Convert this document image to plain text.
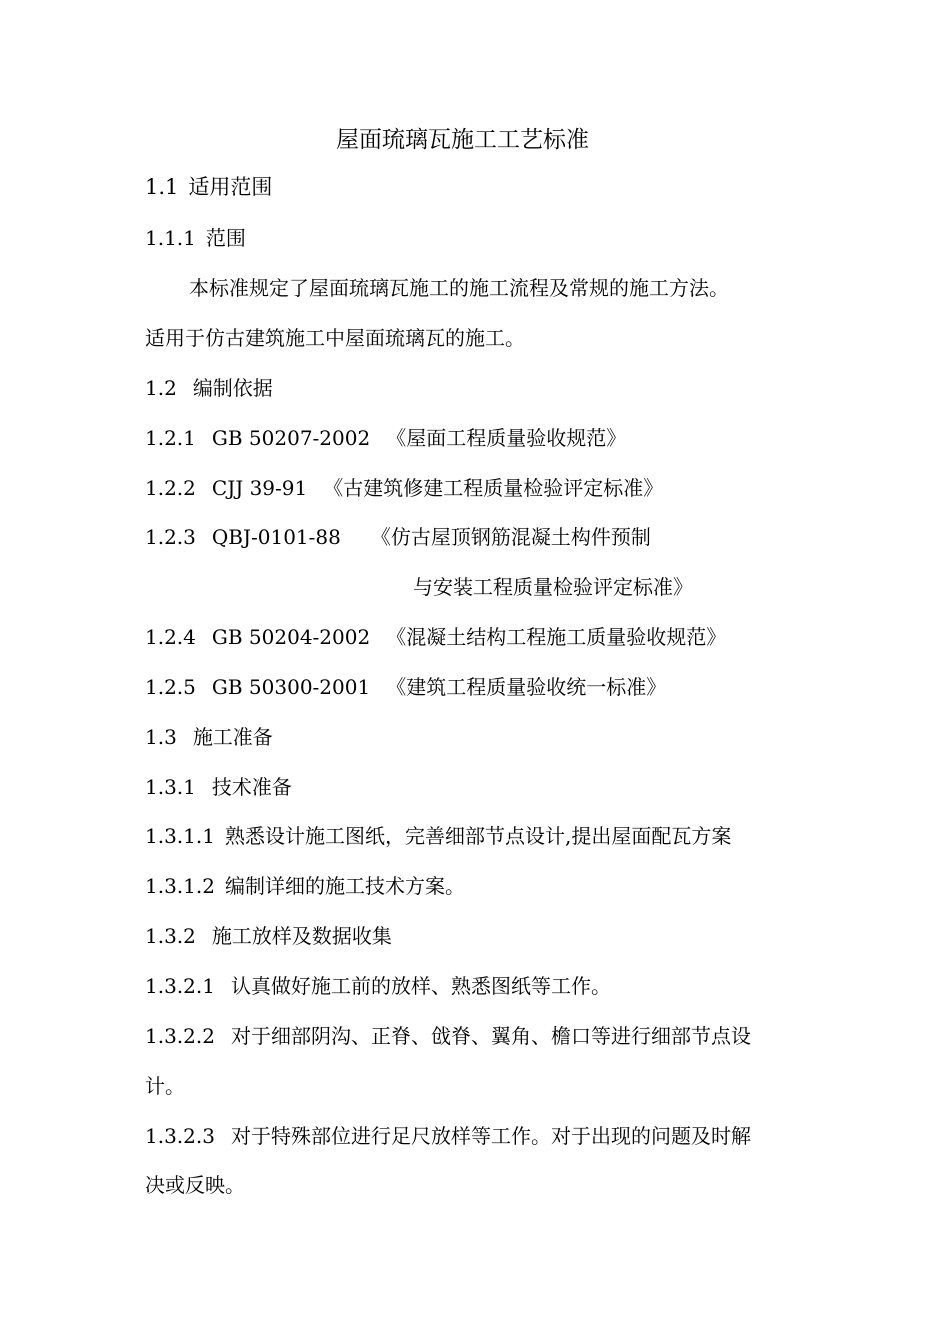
屋面琉璃瓦施工工艺标准
1.1 适用范围
1.1.1 范围
本标准规定了屋面琉璃瓦施工的施工流程及常规的施工方法。
适用于仿古建筑施工中屋面琉璃瓦的施工。
1.2 编制依据
1.2.1 GB 50207-2002 《屋面工程质量验收规范》
1.2.2 CJJ 39-91 《古建筑修建工程质量检验评定标准》
1.2.3 QBJ-0101-88 《仿古屋顶钢筋混凝土构件预制
与安装工程质量检验评定标准》
1.2.4 GB 50204-2002 《混凝土结构工程施工质量验收规范》
1.2.5 GB 50300-2001 《建筑工程质量验收统一标准》
1.3 施工准备
1.3.1 技术准备
1.3.1.1 熟悉设计施工图纸，完善细部节点设计,提出屋面配瓦方案
1.3.1.2 编制详细的施工技术方案。
1.3.2 施工放样及数据收集
1.3.2.1 认真做好施工前的放样、熟悉图纸等工作。
1.3.2.2 对于细部阴沟、正脊、戗脊、翼角、檐口等进行细部节点设
计。
1.3.2.3 对于特殊部位进行足尺放样等工作。对于出现的问题及时解
决或反映。
